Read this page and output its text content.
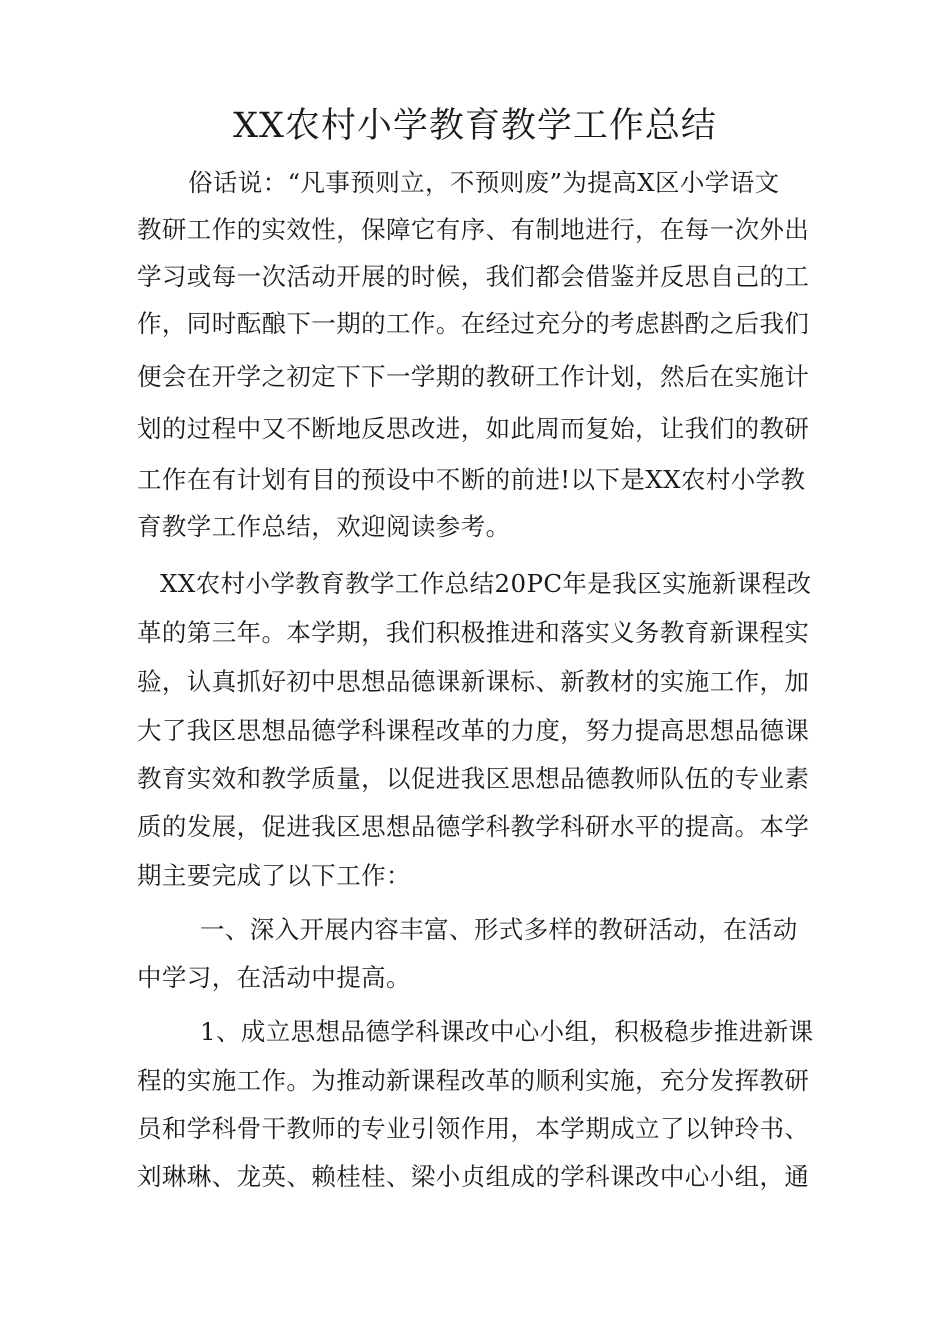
XX农村小学教育教学工作总结
俗话说：“凡事预则立，不预则废”为提高X区小学语文
教研工作的实效性，保障它有序、有制地进行，在每一次外出
学习或每一次活动开展的时候，我们都会借鉴并反思自己的工
作，同时酝酿下一期的工作。在经过充分的考虑斟酌之后我们
便会在开学之初定下下一学期的教研工作计划，然后在实施计
划的过程中又不断地反思改进，如此周而复始，让我们的教研
工作在有计划有目的预设中不断的前进!以下是XX农村小学教
育教学工作总结，欢迎阅读参考。
XX农村小学教育教学工作总结20PC年是我区实施新课程改
革的第三年。本学期，我们积极推进和落实义务教育新课程实
验，认真抓好初中思想品德课新课标、新教材的实施工作，加
大了我区思想品德学科课程改革的力度，努力提高思想品德课
教育实效和教学质量，以促进我区思想品德教师队伍的专业素
质的发展，促进我区思想品德学科教学科研水平的提高。本学
期主要完成了以下工作：
一、深入开展内容丰富、形式多样的教研活动，在活动
中学习，在活动中提高。
1、成立思想品德学科课改中心小组，积极稳步推进新课
程的实施工作。为推动新课程改革的顺利实施，充分发挥教研
员和学科骨干教师的专业引领作用，本学期成立了以钟玲书、
刘琳琳、龙英、赖桂桂、梁小贞组成的学科课改中心小组，通
